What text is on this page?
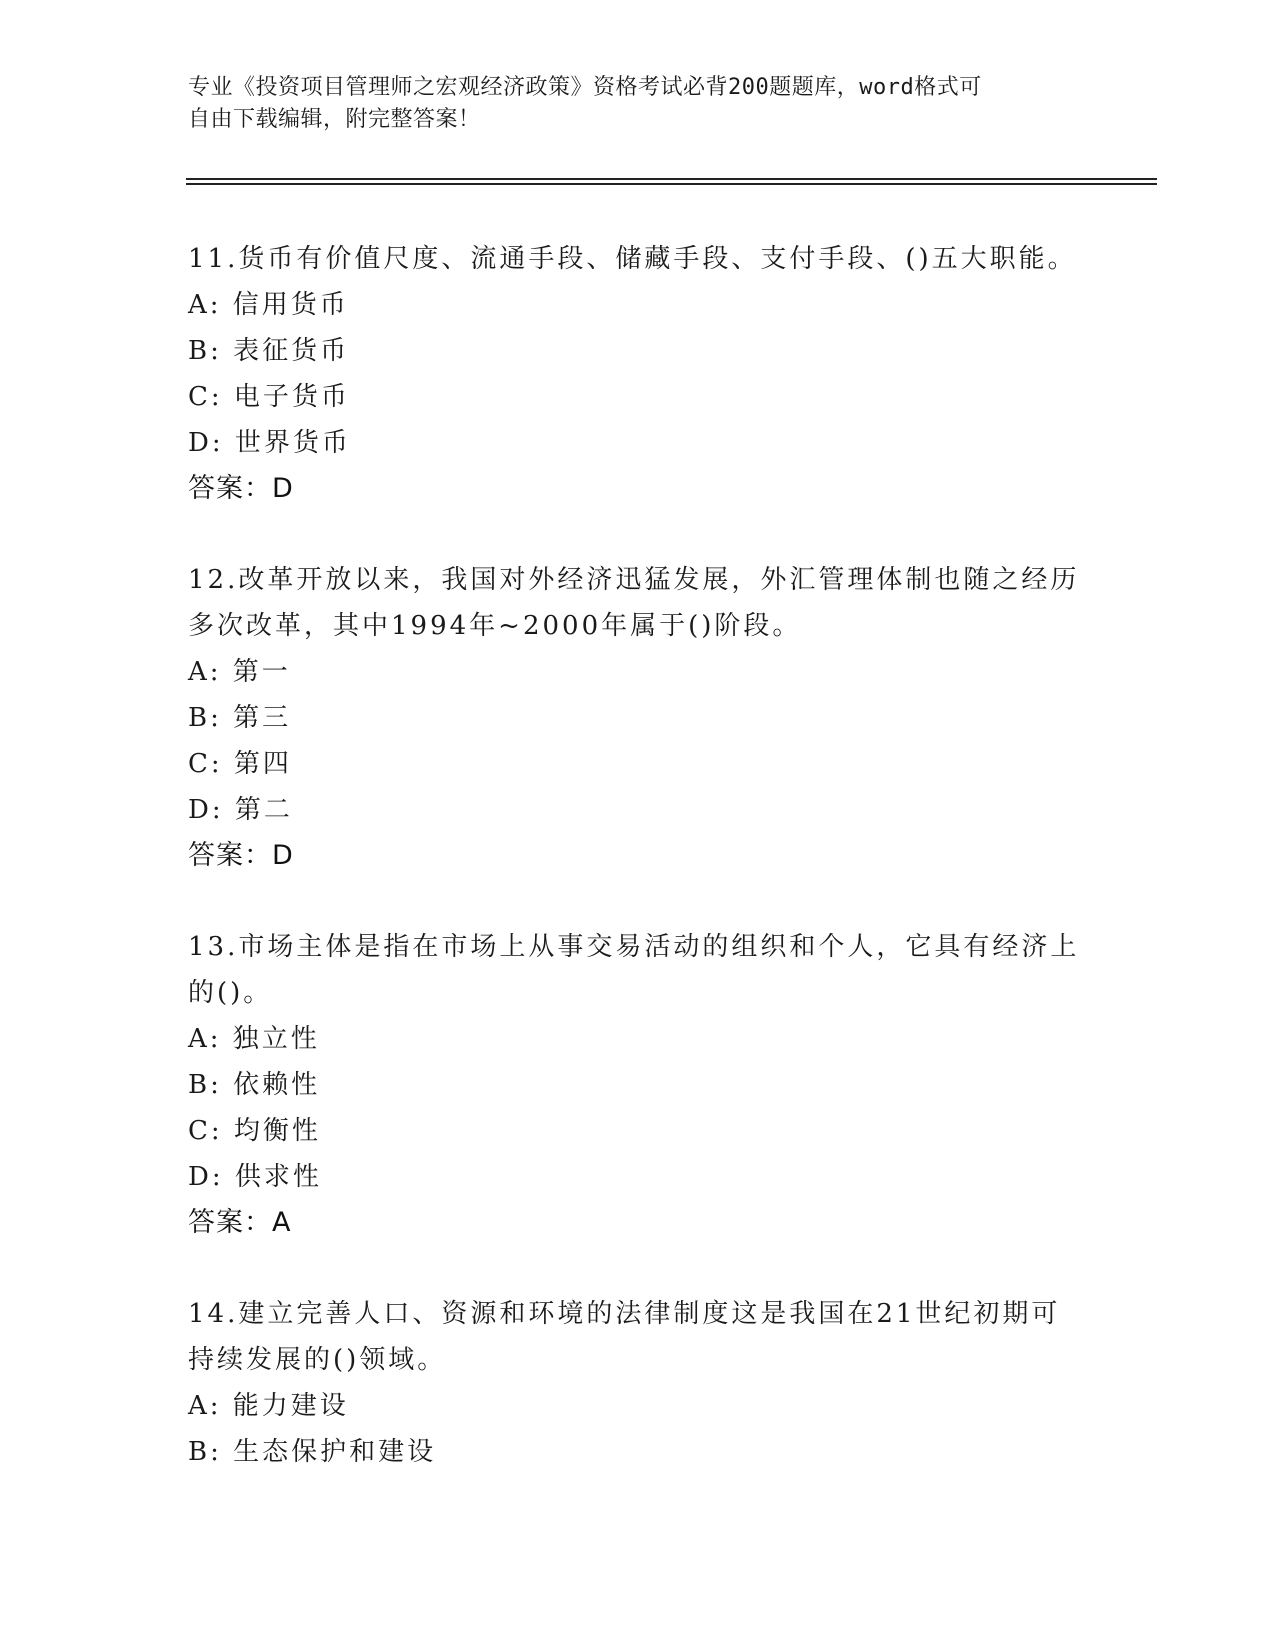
专业《投资项目管理师之宏观经济政策》资格考试必背200题题库，word格式可
自由下载编辑，附完整答案！
11.货币有价值尺度、流通手段、储藏手段、支付手段、()五大职能。
A: 信用货币
B: 表征货币
C: 电子货币
D: 世界货币
答案：D
12.改革开放以来，我国对外经济迅猛发展，外汇管理体制也随之经历
多次改革，其中1994年~2000年属于()阶段。
A: 第一
B: 第三
C: 第四
D: 第二
答案：D
13.市场主体是指在市场上从事交易活动的组织和个人，它具有经济上
的()。
A: 独立性
B: 依赖性
C: 均衡性
D: 供求性
答案：A
14.建立完善人口、资源和环境的法律制度这是我国在21世纪初期可
持续发展的()领域。
A: 能力建设
B: 生态保护和建设
